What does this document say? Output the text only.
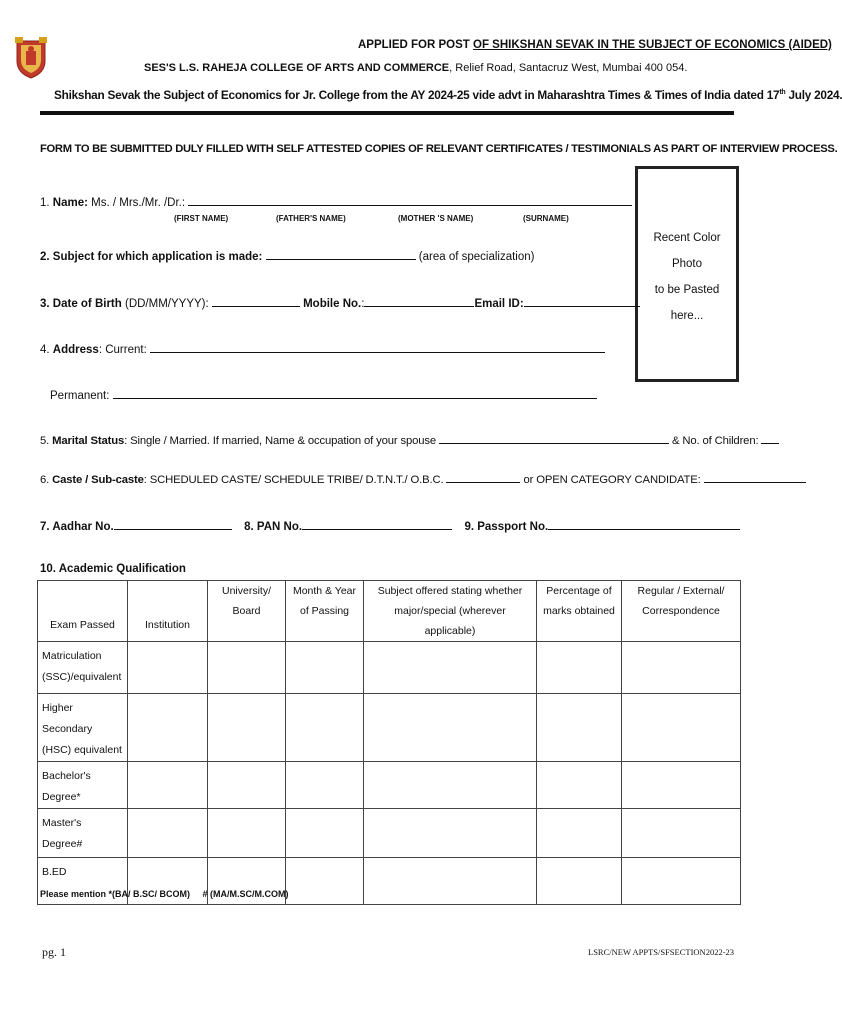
APPLIED FOR POST OF SHIKSHAN SEVAK IN THE SUBJECT OF ECONOMICS (AIDED)
SES'S L.S. RAHEJA COLLEGE OF ARTS AND COMMERCE, Relief Road, Santacruz West, Mumbai 400 054.
Shikshan Sevak the Subject of Economics for Jr. College from the AY 2024-25 vide advt in Maharashtra Times & Times of India dated 17th July 2024.
FORM TO BE SUBMITTED DULY FILLED WITH SELF ATTESTED COPIES OF RELEVANT CERTIFICATES / TESTIMONIALS AS PART OF INTERVIEW PROCESS.
Recent Color Photo
to be Pasted here...
1. Name: Ms. / Mrs./Mr. /Dr.:
(FIRST NAME)	(FATHER'S NAME)	(MOTHER 'S NAME)	(SURNAME)
2. Subject for which application is made:	(area of specialization)
3. Date of Birth (DD/MM/YYYY):	Mobile No.:	Email ID:
4. Address: Current:
Permanent:
5. Marital Status: Single / Married. If married, Name & occupation of your spouse	& No. of Children:
6. Caste / Sub-caste: SCHEDULED CASTE/ SCHEDULE TRIBE/ D.T.N.T./ O.B.C.	or OPEN CATEGORY CANDIDATE:
7. Aadhar No.	8. PAN No.	9. Passport No.
10. Academic Qualification
Exam Passed	Institution	University/ Board	Month & Year of Passing	Subject offered stating whether major/special (wherever applicable)	Percentage of marks obtained	Regular / External/ Correspondence
Matriculation (SSC)/equivalent						
Higher Secondary (HSC) equivalent						
Bachelor's Degree*						
Master's Degree#						
B.ED						
Please mention *(BA/ B.SC/ BCOM)     # (MA/M.SC/M.COM)
pg. 1	LSRC/NEW APPTS/SFSECTION2022-23
